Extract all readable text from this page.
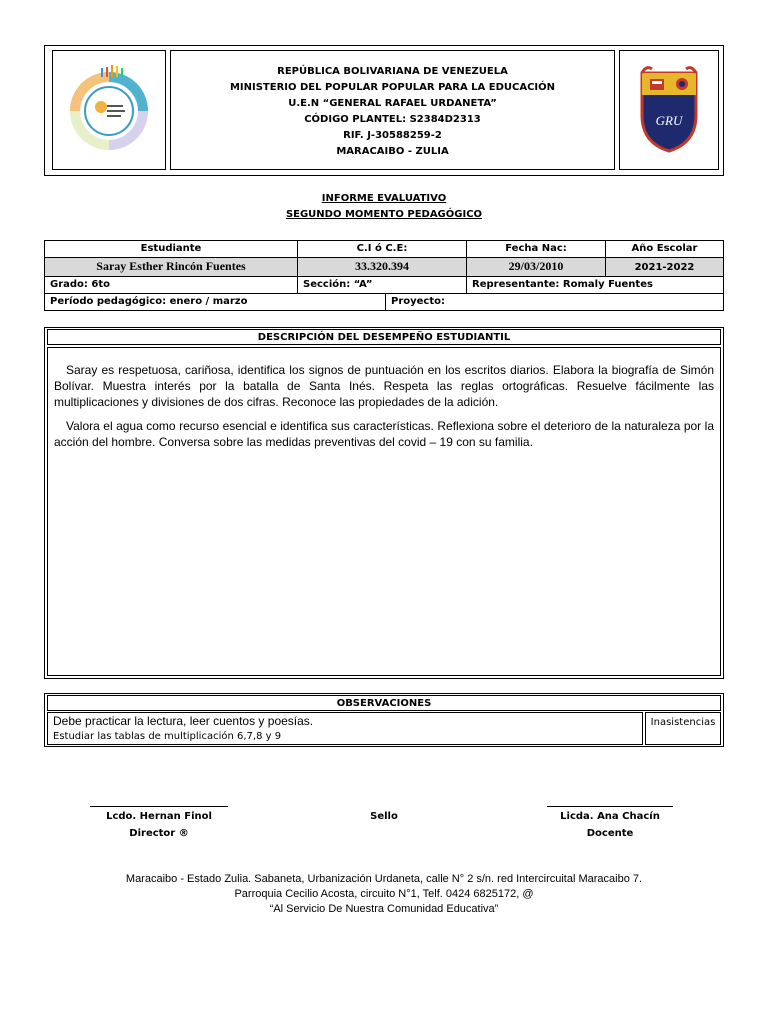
REPÚBLICA BOLIVARIANA DE VENEZUELA
MINISTERIO DEL POPULAR POPULAR PARA LA EDUCACIÓN
U.E.N “GENERAL RAFAEL URDANETA”
CÓDIGO PLANTEL: S2384D2313
RIF. J-30588259-2
MARACAIBO - ZULIA
GRU
INFORME EVALUATIVO
SEGUNDO MOMENTO PEDAGÓGICO
Estudiante	C.I ó C.E:	Fecha Nac:	Año Escolar
Saray Esther Rincón Fuentes	33.320.394	29/03/2010	2021-2022
Grado: 6to	Sección: “A”	Representante: Romaly Fuentes
Período pedagógico: enero / marzo	Proyecto:
DESCRIPCIÓN DEL DESEMPEÑO ESTUDIANTIL

Saray es respetuosa, cariñosa, identifica los signos de puntuación en los escritos diarios. Elabora la biografía de Simón Bolívar. Muestra interés por la batalla de Santa Inés. Respeta las reglas ortográficas. Resuelve fácilmente las multiplicaciones y divisiones de dos cifras. Reconoce las propiedades de la adición.

Valora el agua como recurso esencial e identifica sus características. Reflexiona sobre el deterioro de la naturaleza por la acción del hombre. Conversa sobre las medidas preventivas del covid – 19 con su familia.

OBSERVACIONES
Debe practicar la lectura, leer cuentos y poesías.
Estudiar las tablas de multiplicación 6,7,8 y 9
Inasistencias
Lcdo. Hernan Finol
Director ®
Sello	Licda. Ana Chacín
Docente
Maracaibo - Estado Zulia. Sabaneta, Urbanización Urdaneta, calle N° 2 s/n. red Intercircuital Maracaibo 7.
Parroquia Cecilio Acosta, circuito N°1, Telf. 0424 6825172, @
“Al Servicio De Nuestra Comunidad Educativa”
